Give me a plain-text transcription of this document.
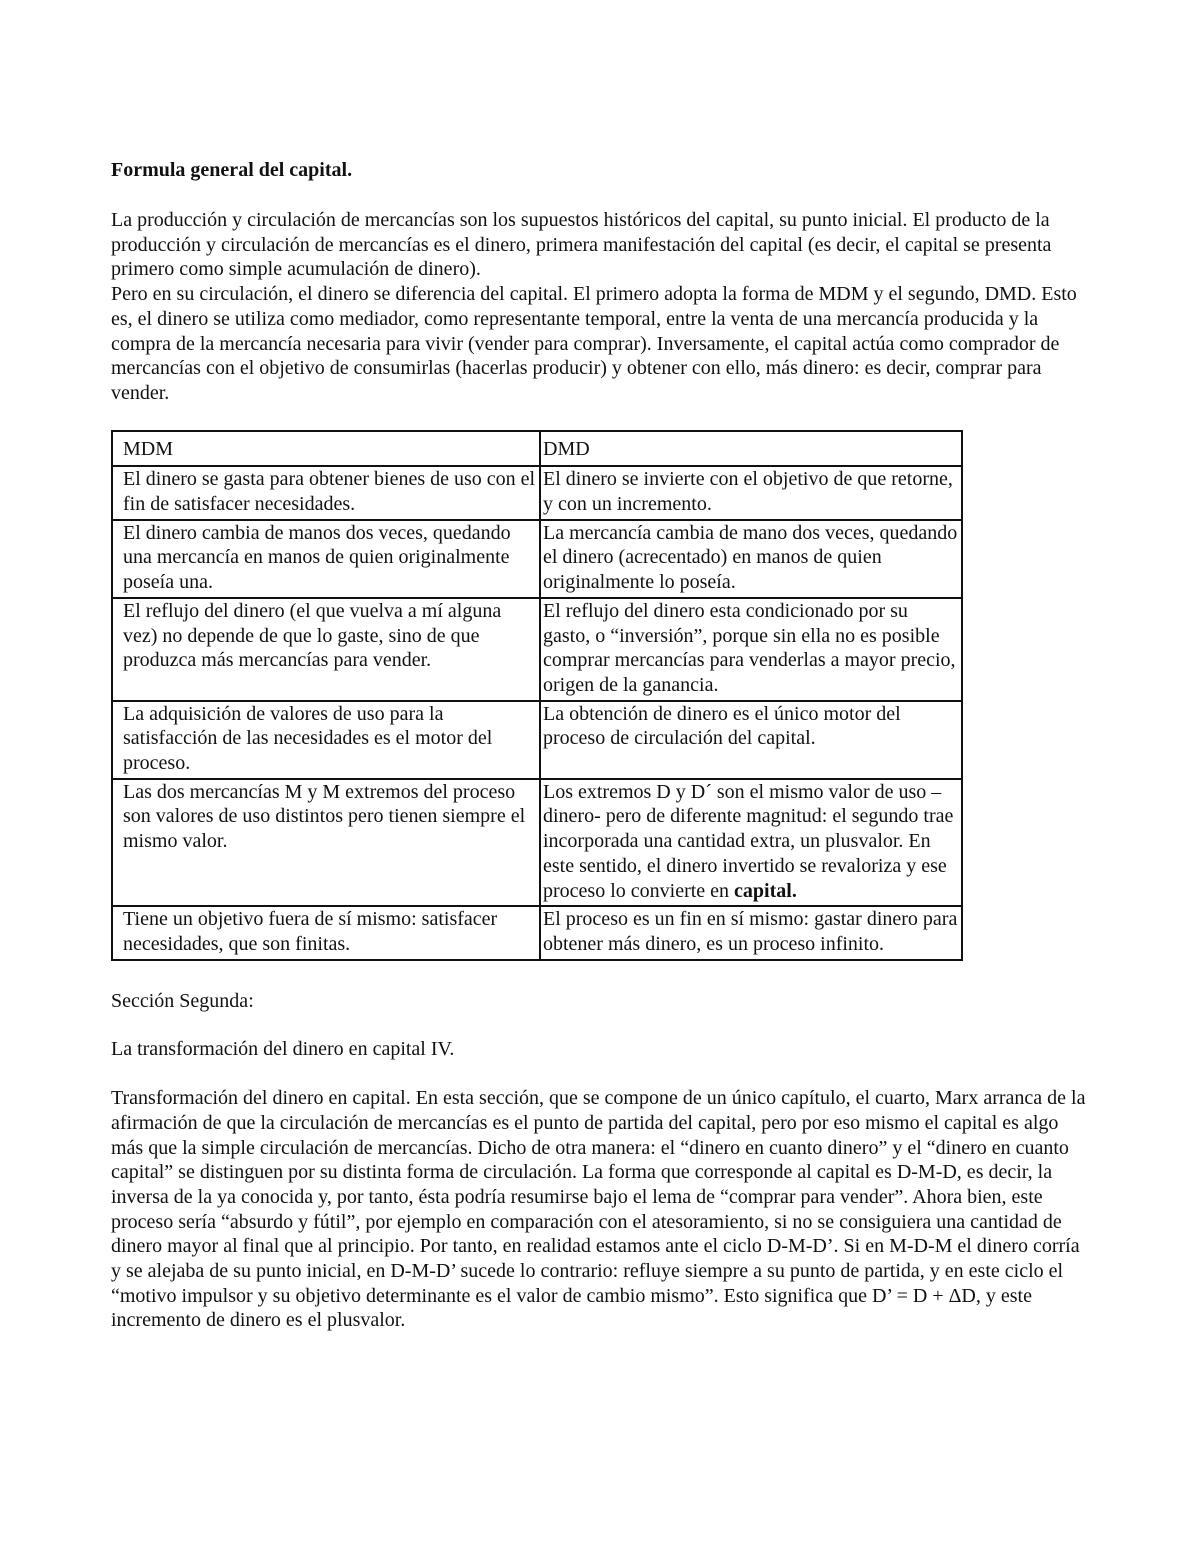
Formula general del capital.

La producción y circulación de mercancías son los supuestos históricos del capital, su punto inicial. El producto de la producción y circulación de mercancías es el dinero, primera manifestación del capital (es decir, el capital se presenta primero como simple acumulación de dinero).

Pero en su circulación, el dinero se diferencia del capital. El primero adopta la forma de MDM y el segundo, DMD. Esto es, el dinero se utiliza como mediador, como representante temporal, entre la venta de una mercancía producida y la compra de la mercancía necesaria para vivir (vender para comprar). Inversamente, el capital actúa como comprador de mercancías con el objetivo de consumirlas (hacerlas producir) y obtener con ello, más dinero: es decir, comprar para vender.

MDM	DMD
El dinero se gasta para obtener bienes de uso con el fin de satisfacer necesidades.	El dinero se invierte con el objetivo de que retorne, y con un incremento.
El dinero cambia de manos dos veces, quedando una mercancía en manos de quien originalmente poseía una.	La mercancía cambia de mano dos veces, quedando el dinero (acrecentado) en manos de quien originalmente lo poseía.
El reflujo del dinero (el que vuelva a mí alguna vez) no depende de que lo gaste, sino de que produzca más mercancías para vender.	El reflujo del dinero esta condicionado por su gasto, o “inversión”, porque sin ella no es posible comprar mercancías para venderlas a mayor precio, origen de la ganancia.
La adquisición de valores de uso para la satisfacción de las necesidades es el motor del proceso.	La obtención de dinero es el único motor del proceso de circulación del capital.
Las dos mercancías M y M extremos del proceso son valores de uso distintos pero tienen siempre el mismo valor.	Los extremos D y D´ son el mismo valor de uso –dinero- pero de diferente magnitud: el segundo trae incorporada una cantidad extra, un plusvalor. En este sentido, el dinero invertido se revaloriza y ese proceso lo convierte en capital.
Tiene un objetivo fuera de sí mismo: satisfacer necesidades, que son finitas.	El proceso es un fin en sí mismo: gastar dinero para obtener más dinero, es un proceso infinito.

Sección Segunda:

La transformación del dinero en capital IV.

Transformación del dinero en capital. En esta sección, que se compone de un único capítulo, el cuarto, Marx arranca de la afirmación de que la circulación de mercancías es el punto de partida del capital, pero por eso mismo el capital es algo más que la simple circulación de mercancías. Dicho de otra manera: el “dinero en cuanto dinero” y el “dinero en cuanto capital” se distinguen por su distinta forma de circulación. La forma que corresponde al capital es D-M-D, es decir, la inversa de la ya conocida y, por tanto, ésta podría resumirse bajo el lema de “comprar para vender”. Ahora bien, este proceso sería “absurdo y fútil”, por ejemplo en comparación con el atesoramiento, si no se consiguiera una cantidad de dinero mayor al final que al principio. Por tanto, en realidad estamos ante el ciclo D-M-D’. Si en M-D-M el dinero corría y se alejaba de su punto inicial, en D-M-D’ sucede lo contrario: refluye siempre a su punto de partida, y en este ciclo el “motivo impulsor y su objetivo determinante es el valor de cambio mismo”. Esto significa que D’ = D + ΔD, y este incremento de dinero es el plusvalor.
